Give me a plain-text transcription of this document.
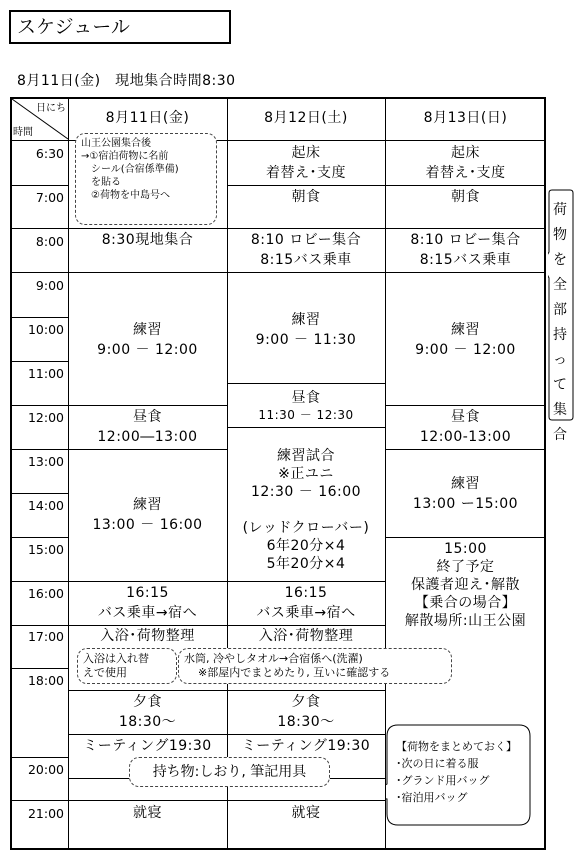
スケジュール
8月11日(金)　現地集合時間8:30
日にち
時間
8月11日(金)	8月12日(土)	8月13日(日)
6:30
7:00
8:00
9:00
10:00
11:00
12:00
13:00
14:00
15:00
16:00
17:00
18:00
20:00
21:00
山王公園集合後
→①宿泊荷物に名前
　シール(合宿係準備)
　を貼る
　②荷物を中島号へ
8:30現地集合
練習
9:00 － 12:00
昼食
12:00―13:00
練習
13:00 － 16:00
16:15
バス乗車→宿へ
入浴･荷物整理
夕食
18:30～
ミーティング19:30
就寝
起床
着替え･支度
朝食
8:10 ロビー集合
8:15バス乗車
練習
9:00 － 11:30
昼食
11:30 － 12:30
練習試合
※正ユニ
12:30 － 16:00
(レッドクローバー)
6年20分×4
5年20分×4
16:15
バス乗車→宿へ
入浴･荷物整理
夕食
18:30～
ミーティング19:30
就寝
起床
着替え･支度
朝食
8:10 ロビー集合
8:15バス乗車
練習
9:00 － 12:00
昼食
12:00-13:00
練習
13:00 ー15:00
15:00
終了予定
保護者迎え･解散
【乗合の場合】
解散場所:山王公園
入浴は入れ替
えで使用
水筒, 冷やしタオル→合宿係へ(洗濯)
※部屋内でまとめたり, 互いに確認する
持ち物:しおり, 筆記用具
荷物を全部持って集合
【荷物をまとめておく】
･次の日に着る服
･グランド用バッグ
･宿泊用バッグ
